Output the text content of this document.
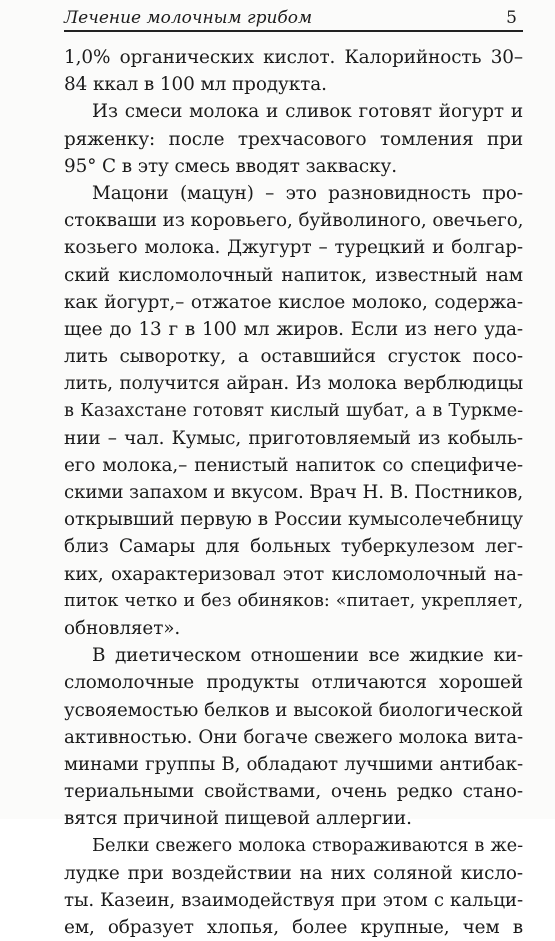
Лечение молочным грибом	5
1,0% органических кислот. Калорийность 30–
84 ккал в 100 мл продукта.
Из смеси молока и сливок готовят йогурт и
ряженку: после трехчасового томления при
95° С в эту смесь вводят закваску.
Мацони (мацун) – это разновидность про-
стокваши из коровьего, буйволиного, овечьего,
козьего молока. Джугурт – турецкий и болгар-
ский кисломолочный напиток, известный нам
как йогурт,– отжатое кислое молоко, содержа-
щее до 13 г в 100 мл жиров. Если из него уда-
лить сыворотку, а оставшийся сгусток посо-
лить, получится айран. Из молока верблюдицы
в Казахстане готовят кислый шубат, а в Туркме-
нии – чал. Кумыс, приготовляемый из кобыль-
его молока,– пенистый напиток со специфиче-
скими запахом и вкусом. Врач Н. В. Постников,
открывший первую в России кумысолечебницу
близ Самары для больных туберкулезом лег-
ких, охарактеризовал этот кисломолочный на-
питок четко и без обиняков: «питает, укрепляет,
обновляет».
В диетическом отношении все жидкие ки-
сломолочные продукты отличаются хорошей
усвояемостью белков и высокой биологической
активностью. Они богаче свежего молока вита-
минами группы В, обладают лучшими антибак-
териальными свойствами, очень редко стано-
вятся причиной пищевой аллергии.
Белки свежего молока створаживаются в же-
лудке при воздействии на них соляной кисло-
ты. Казеин, взаимодействуя при этом с кальци-
ем, образует хлопья, более крупные, чем в
